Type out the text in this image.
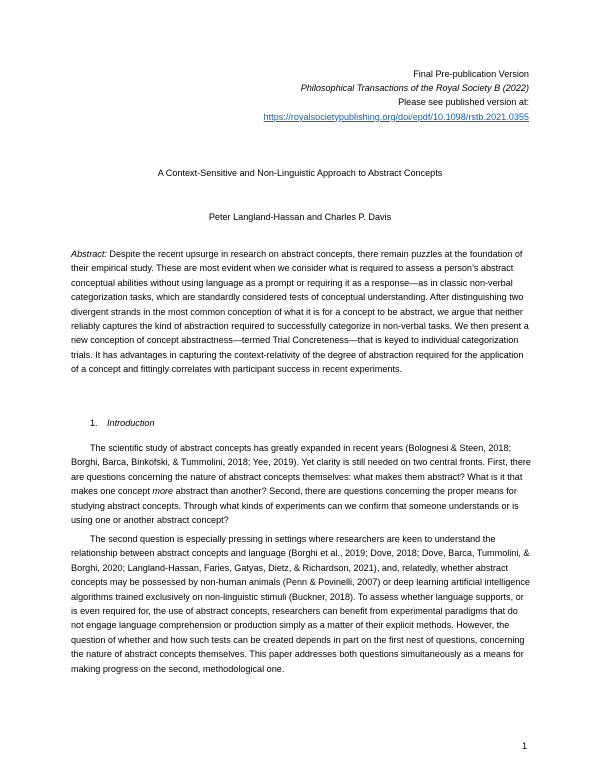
Final Pre-publication Version
Philosophical Transactions of the Royal Society B (2022)
Please see published version at:
https://royalsocietypublishing.org/doi/epdf/10.1098/rstb.2021.0355
A Context-Sensitive and Non-Linguistic Approach to Abstract Concepts
Peter Langland-Hassan and Charles P. Davis

Abstract: Despite the recent upsurge in research on abstract concepts, there remain puzzles at the foundation of their empirical study. These are most evident when we consider what is required to assess a person’s abstract conceptual abilities without using language as a prompt or requiring it as a response—as in classic non-verbal categorization tasks, which are standardly considered tests of conceptual understanding. After distinguishing two divergent strands in the most common conception of what it is for a concept to be abstract, we argue that neither reliably captures the kind of abstraction required to successfully categorize in non-verbal tasks. We then present a new conception of concept abstractness—termed Trial Concreteness—that is keyed to individual categorization trials. It has advantages in capturing the context-relativity of the degree of abstraction required for the application of a concept and fittingly correlates with participant success in recent experiments.

1. Introduction

The scientific study of abstract concepts has greatly expanded in recent years (Bolognesi & Steen, 2018; Borghi, Barca, Binkofski, & Tummolini, 2018; Yee, 2019). Yet clarity is still needed on two central fronts. First, there are questions concerning the nature of abstract concepts themselves: what makes them abstract? What is it that makes one concept more abstract than another? Second, there are questions concerning the proper means for studying abstract concepts. Through what kinds of experiments can we confirm that someone understands or is using one or another abstract concept?

The second question is especially pressing in settings where researchers are keen to understand the relationship between abstract concepts and language (Borghi et al., 2019; Dove, 2018; Dove, Barca, Tummolini, & Borghi, 2020; Langland-Hassan, Faries, Gatyas, Dietz, & Richardson, 2021), and, relatedly, whether abstract concepts may be possessed by non-human animals (Penn & Povinelli, 2007) or deep learning artificial intelligence algorithms trained exclusively on non-linguistic stimuli (Buckner, 2018). To assess whether language supports, or is even required for, the use of abstract concepts, researchers can benefit from experimental paradigms that do not engage language comprehension or production simply as a matter of their explicit methods. However, the question of whether and how such tests can be created depends in part on the first nest of questions, concerning the nature of abstract concepts themselves. This paper addresses both questions simultaneously as a means for making progress on the second, methodological one.

1
